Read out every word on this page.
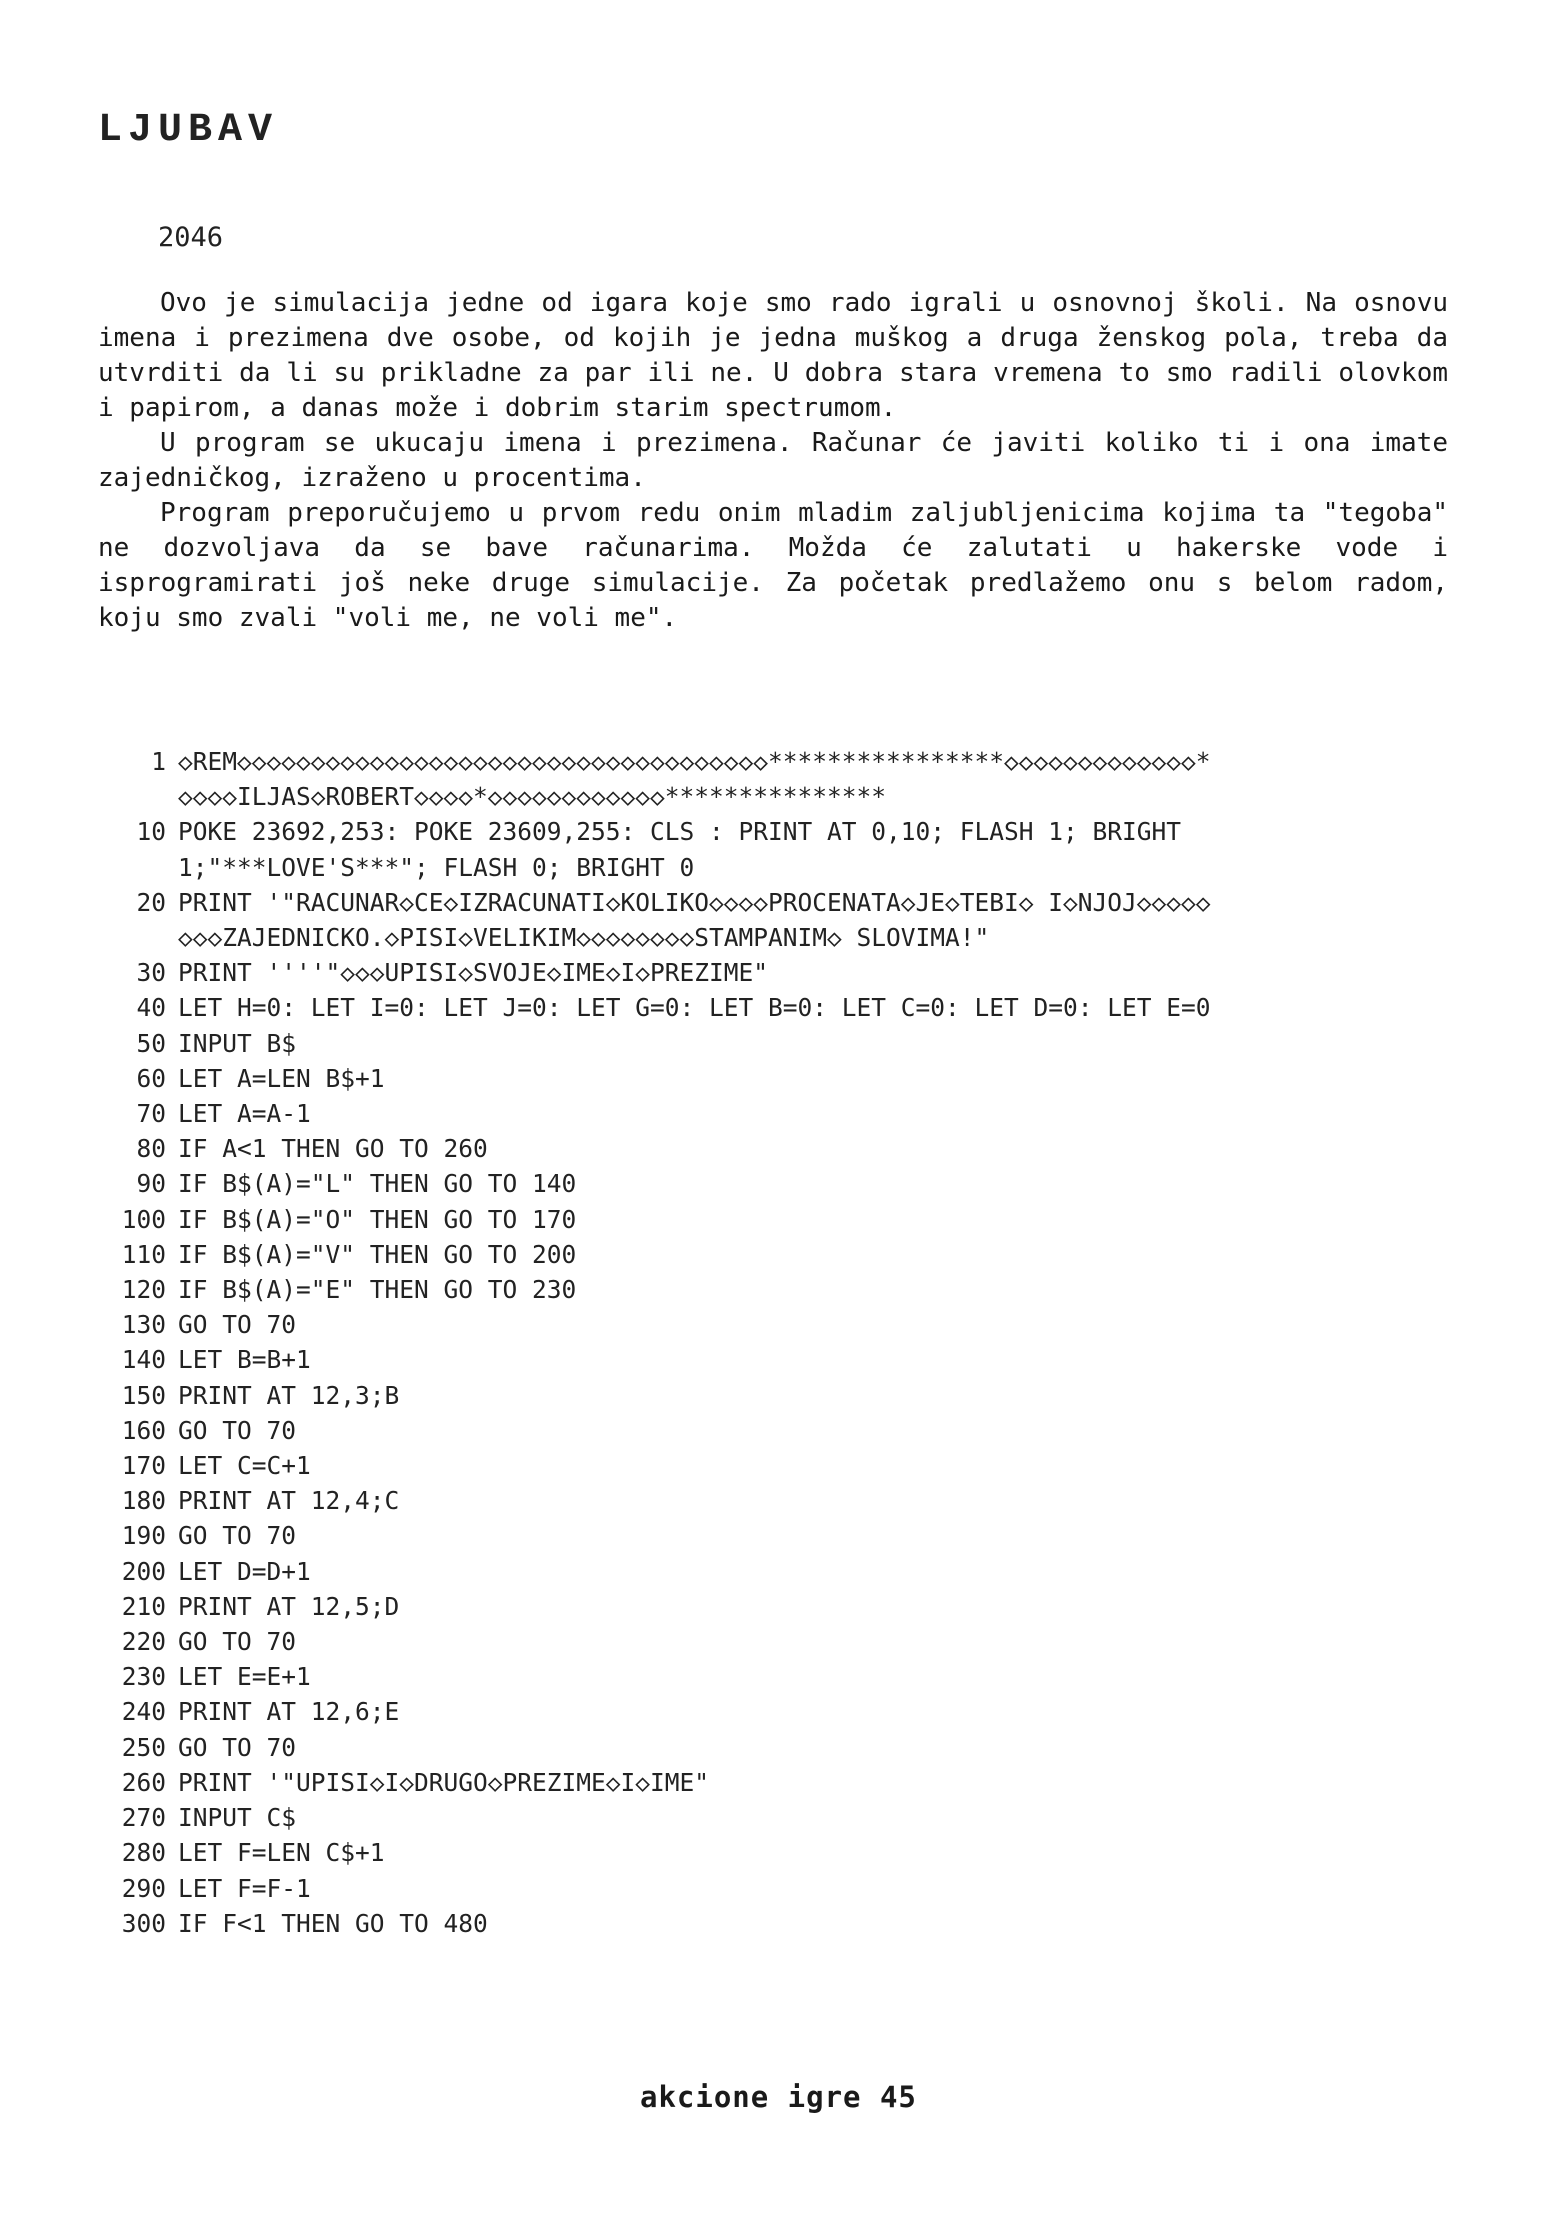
LJUBAV
2046

Ovo je simulacija jedne od igara koje smo rado igrali u osnovnoj školi. Na osnovu imena i prezimena dve osobe, od kojih je jedna muškog a druga ženskog pola, treba da utvrditi da li su prikladne za par ili ne. U dobra stara vremena to smo radili olovkom i papirom, a danas može i dobrim starim spectrumom.

U program se ukucaju imena i prezimena. Računar će javiti koliko ti i ona imate zajedničkog, izraženo u procentima.

Program preporučujemo u prvom redu onim mladim zaljubljenicima kojima ta "tegoba" ne dozvoljava da se bave računarima. Možda će zalutati u hakerske vode i isprogramirati još neke druge simulacije. Za početak predlažemo onu s belom radom, koju smo zvali "voli me, ne voli me".

1 ◇REM◇◇◇◇◇◇◇◇◇◇◇◇◇◇◇◇◇◇◇◇◇◇◇◇◇◇◇◇◇◇◇◇◇◇◇◇****************◇◇◇◇◇◇◇◇◇◇◇◇◇*◇◇◇◇ILJAS◇ROBERT◇◇◇◇*◇◇◇◇◇◇◇◇◇◇◇◇***************
10 POKE 23692,253: POKE 23609,255: CLS : PRINT AT 0,10; FLASH 1; BRIGHT 1;"***LOVE'S***"; FLASH 0; BRIGHT 0
20 PRINT '"RACUNAR◇CE◇IZRACUNATI◇KOLIKO◇◇◇◇PROCENATA◇JE◇TEBI◇ I◇NJOJ◇◇◇◇◇◇◇◇ZAJEDNICKO.◇PISI◇VELIKIM◇◇◇◇◇◇◇◇STAMPANIM◇ SLOVIMA!"
30 PRINT ''''"◇◇◇UPISI◇SVOJE◇IME◇I◇PREZIME"
40 LET H=0: LET I=0: LET J=0: LET G=0: LET B=0: LET C=0: LET D=0: LET E=0
50 INPUT B$
60 LET A=LEN B$+1
70 LET A=A-1
80 IF A<1 THEN GO TO 260
90 IF B$(A)="L" THEN GO TO 140
100 IF B$(A)="O" THEN GO TO 170
110 IF B$(A)="V" THEN GO TO 200
120 IF B$(A)="E" THEN GO TO 230
130 GO TO 70
140 LET B=B+1
150 PRINT AT 12,3;B
160 GO TO 70
170 LET C=C+1
180 PRINT AT 12,4;C
190 GO TO 70
200 LET D=D+1
210 PRINT AT 12,5;D
220 GO TO 70
230 LET E=E+1
240 PRINT AT 12,6;E
250 GO TO 70
260 PRINT '"UPISI◇I◇DRUGO◇PREZIME◇I◇IME"
270 INPUT C$
280 LET F=LEN C$+1
290 LET F=F-1
300 IF F<1 THEN GO TO 480
akcione igre 45
